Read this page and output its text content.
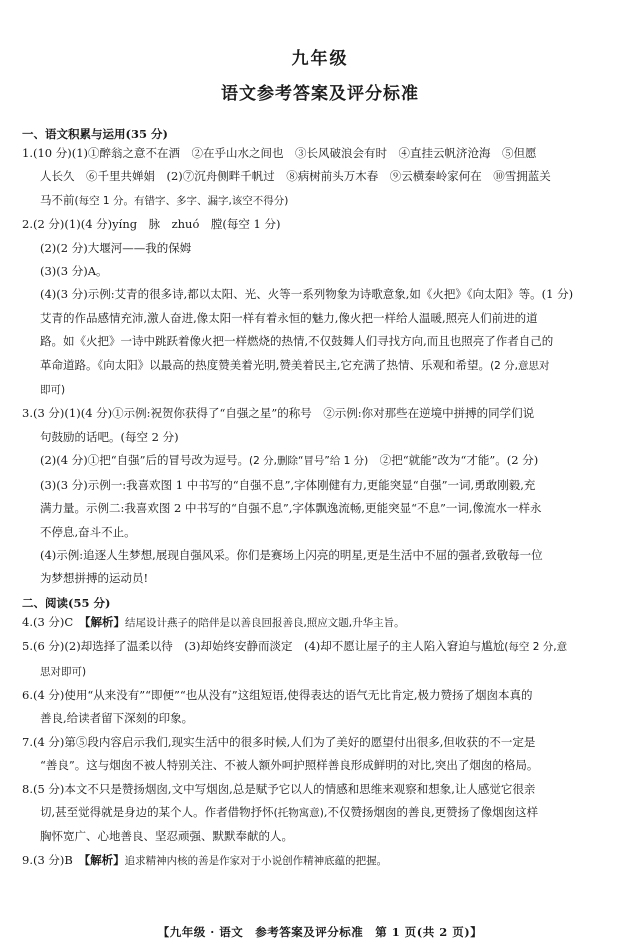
九年级
语文参考答案及评分标准
一、语文积累与运用(35 分)

1.(10 分)(1)①醉翁之意不在酒　②在乎山水之间也　③长风破浪会有时　④直挂云帆济沧海　⑤但愿

人长久　⑥千里共婵娟　(2)⑦沉舟侧畔千帆过　⑧病树前头万木春　⑨云横秦岭家何在　⑩雪拥蓝关

马不前(每空 1 分。有错字、多字、漏字,该空不得分)

2.(2 分)(1)(4 分)yíng　脉　zhuó　膛(每空 1 分)

(2)(2 分)大堰河——我的保姆

(3)(3 分)A。

(4)(3 分)示例:艾青的很多诗,都以太阳、光、火等一系列物象为诗歌意象,如《火把》《向太阳》等。(1 分)

艾青的作品感情充沛,激人奋进,像太阳一样有着永恒的魅力,像火把一样给人温暖,照亮人们前进的道

路。如《火把》一诗中跳跃着像火把一样燃烧的热情,不仅鼓舞人们寻找方向,而且也照亮了作者自己的

革命道路。《向太阳》以最高的热度赞美着光明,赞美着民主,它充满了热情、乐观和希望。(2 分,意思对

即可)

3.(3 分)(1)(4 分)①示例:祝贺你获得了“自强之星”的称号　②示例:你对那些在逆境中拼搏的同学们说

句鼓励的话吧。(每空 2 分)

(2)(4 分)①把“自强”后的冒号改为逗号。(2 分,删除“冒号”给 1 分)　②把“就能”改为“才能”。(2 分)

(3)(3 分)示例一:我喜欢图 1 中书写的“自强不息”,字体刚健有力,更能突显“自强”一词,勇敢刚毅,充

满力量。示例二:我喜欢图 2 中书写的“自强不息”,字体飘逸流畅,更能突显“不息”一词,像流水一样永

不停息,奋斗不止。

(4)示例:追逐人生梦想,展现自强风采。你们是赛场上闪亮的明星,更是生活中不屈的强者,致敬每一位

为梦想拼搏的运动员!

二、阅读(55 分)

4.(3 分)C　【解析】结尾设计燕子的陪伴是以善良回报善良,照应文题,升华主旨。

5.(6 分)(2)却选择了温柔以待　(3)却始终安静而淡定　(4)却不愿让屋子的主人陷入窘迫与尴尬(每空 2 分,意

思对即可)

6.(4 分)使用“从来没有”“即便”“也从没有”这组短语,使得表达的语气无比肯定,极力赞扬了烟囱本真的

善良,给读者留下深刻的印象。

7.(4 分)第⑤段内容启示我们,现实生活中的很多时候,人们为了美好的愿望付出很多,但收获的不一定是

“善良”。这与烟囱不被人特别关注、不被人额外呵护照样善良形成鲜明的对比,突出了烟囱的格局。

8.(5 分)本文不只是赞扬烟囱,文中写烟囱,总是赋予它以人的情感和思维来观察和想象,让人感觉它很亲

切,甚至觉得就是身边的某个人。作者借物抒怀(托物寓意),不仅赞扬烟囱的善良,更赞扬了像烟囱这样

胸怀宽广、心地善良、坚忍顽强、默默奉献的人。

9.(3 分)B　【解析】追求精神内核的善是作家对于小说创作精神底蕴的把握。

【九年级 · 语文　参考答案及评分标准　第 1 页(共 2 页)】
